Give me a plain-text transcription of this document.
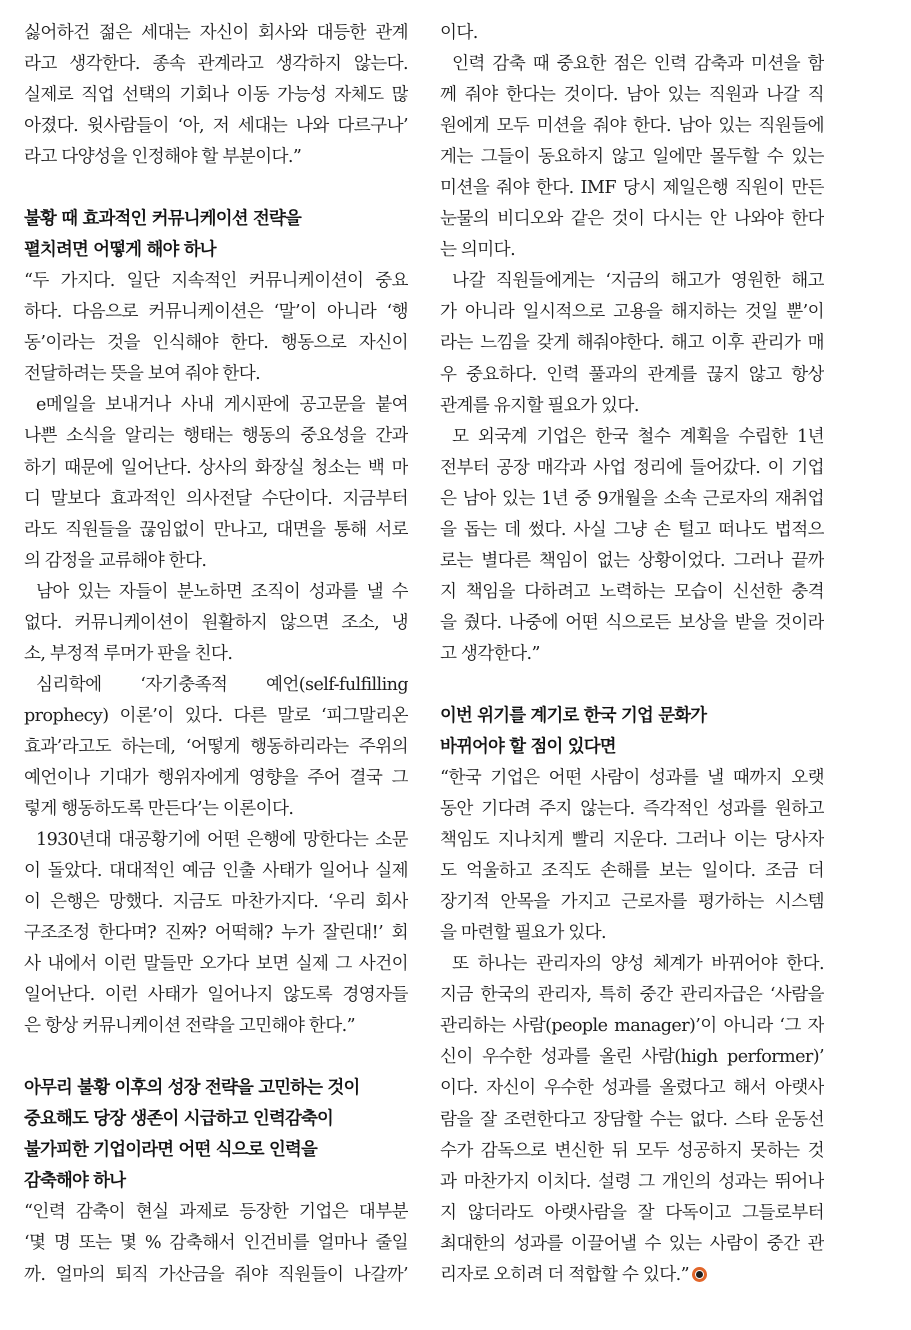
싫어하건 젊은 세대는 자신이 회사와 대등한 관계

라고 생각한다. 종속 관계라고 생각하지 않는다.

실제로 직업 선택의 기회나 이동 가능성 자체도 많

아졌다. 윗사람들이 ‘아, 저 세대는 나와 다르구나’

라고 다양성을 인정해야 할 부분이다.”

불황 때 효과적인 커뮤니케이션 전략을
펼치려면 어떻게 해야 하나

“두 가지다. 일단 지속적인 커뮤니케이션이 중요

하다. 다음으로 커뮤니케이션은 ‘말’이 아니라 ‘행

동’이라는 것을 인식해야 한다. 행동으로 자신이

전달하려는 뜻을 보여 줘야 한다.

e메일을 보내거나 사내 게시판에 공고문을 붙여

나쁜 소식을 알리는 행태는 행동의 중요성을 간과

하기 때문에 일어난다. 상사의 화장실 청소는 백 마

디 말보다 효과적인 의사전달 수단이다. 지금부터

라도 직원들을 끊임없이 만나고, 대면을 통해 서로

의 감정을 교류해야 한다.

남아 있는 자들이 분노하면 조직이 성과를 낼 수

없다. 커뮤니케이션이 원활하지 않으면 조소, 냉

소, 부정적 루머가 판을 친다.

심리학에 ‘자기충족적 예언(self-fulfilling

prophecy) 이론’이 있다. 다른 말로 ‘피그말리온

효과’라고도 하는데, ‘어떻게 행동하리라는 주위의

예언이나 기대가 행위자에게 영향을 주어 결국 그

렇게 행동하도록 만든다’는 이론이다.

1930년대 대공황기에 어떤 은행에 망한다는 소문

이 돌았다. 대대적인 예금 인출 사태가 일어나 실제

이 은행은 망했다. 지금도 마찬가지다. ‘우리 회사

구조조정 한다며? 진짜? 어떡해? 누가 잘린대!’ 회

사 내에서 이런 말들만 오가다 보면 실제 그 사건이

일어난다. 이런 사태가 일어나지 않도록 경영자들

은 항상 커뮤니케이션 전략을 고민해야 한다.”

아무리 불황 이후의 성장 전략을 고민하는 것이
중요해도 당장 생존이 시급하고 인력감축이
불가피한 기업이라면 어떤 식으로 인력을
감축해야 하나

“인력 감축이 현실 과제로 등장한 기업은 대부분

‘몇 명 또는 몇 % 감축해서 인건비를 얼마나 줄일

까. 얼마의 퇴직 가산금을 줘야 직원들이 나갈까’

이다.

인력 감축 때 중요한 점은 인력 감축과 미션을 함

께 줘야 한다는 것이다. 남아 있는 직원과 나갈 직

원에게 모두 미션을 줘야 한다. 남아 있는 직원들에

게는 그들이 동요하지 않고 일에만 몰두할 수 있는

미션을 줘야 한다. IMF 당시 제일은행 직원이 만든

눈물의 비디오와 같은 것이 다시는 안 나와야 한다

는 의미다.

나갈 직원들에게는 ‘지금의 해고가 영원한 해고

가 아니라 일시적으로 고용을 해지하는 것일 뿐’이

라는 느낌을 갖게 해줘야한다. 해고 이후 관리가 매

우 중요하다. 인력 풀과의 관계를 끊지 않고 항상

관계를 유지할 필요가 있다.

모 외국계 기업은 한국 철수 계획을 수립한 1년

전부터 공장 매각과 사업 정리에 들어갔다. 이 기업

은 남아 있는 1년 중 9개월을 소속 근로자의 재취업

을 돕는 데 썼다. 사실 그냥 손 털고 떠나도 법적으

로는 별다른 책임이 없는 상황이었다. 그러나 끝까

지 책임을 다하려고 노력하는 모습이 신선한 충격

을 줬다. 나중에 어떤 식으로든 보상을 받을 것이라

고 생각한다.”

이번 위기를 계기로 한국 기업 문화가
바뀌어야 할 점이 있다면

“한국 기업은 어떤 사람이 성과를 낼 때까지 오랫

동안 기다려 주지 않는다. 즉각적인 성과를 원하고

책임도 지나치게 빨리 지운다. 그러나 이는 당사자

도 억울하고 조직도 손해를 보는 일이다. 조금 더

장기적 안목을 가지고 근로자를 평가하는 시스템

을 마련할 필요가 있다.

또 하나는 관리자의 양성 체계가 바뀌어야 한다.

지금 한국의 관리자, 특히 중간 관리자급은 ‘사람을

관리하는 사람(people manager)’이 아니라 ‘그 자

신이 우수한 성과를 올린 사람(high performer)’

이다. 자신이 우수한 성과를 올렸다고 해서 아랫사

람을 잘 조련한다고 장담할 수는 없다. 스타 운동선

수가 감독으로 변신한 뒤 모두 성공하지 못하는 것

과 마찬가지 이치다. 설령 그 개인의 성과는 뛰어나

지 않더라도 아랫사람을 잘 다독이고 그들로부터

최대한의 성과를 이끌어낼 수 있는 사람이 중간 관

리자로 오히려 더 적합할 수 있다.”
